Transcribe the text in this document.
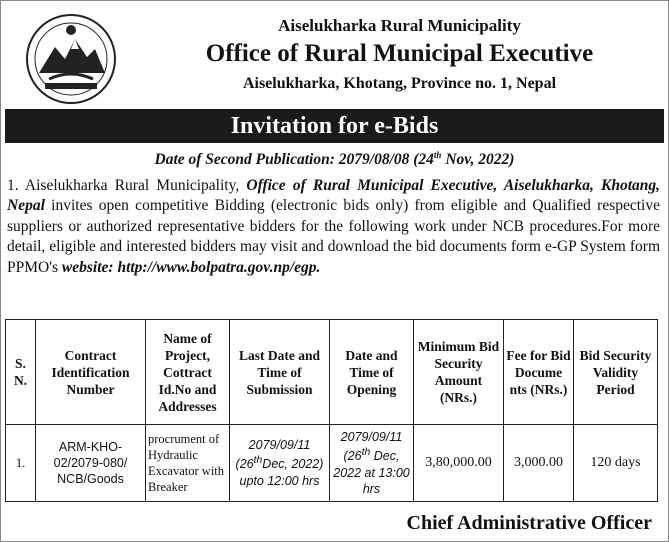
Aiselukharka Rural Municipality
Office of Rural Municipal Executive
Aiselukharka, Khotang, Province no. 1, Nepal
Invitation for e-Bids
Date of Second Publication: 2079/08/08 (24th Nov, 2022)
1. Aiselukharka Rural Municipality, Office of Rural Municipal Executive, Aiselukharka, Khotang, Nepal invites open competitive Bidding (electronic bids only) from eligible and Qualified respective suppliers or authorized representative bidders for the following work under NCB procedures.For more detail, eligible and interested bidders may visit and download the bid documents form e-GP System form PPMO's website: http://www.bolpatra.gov.np/egp.
S. N.	Contract Identification Number	Name of Project, Cottract Id.No and Addresses	Last Date and Time of Submission	Date and Time of Opening	Minimum Bid Security Amount (NRs.)	Fee for Bid Docume nts (NRs.)	Bid Security Validity Period
1.	ARM-KHO-02/2079-080/ NCB/Goods	procrument of Hydraulic Excavator with Breaker	2079/09/11 (26thDec, 2022) upto 12:00 hrs	2079/09/11 (26th Dec, 2022 at 13:00 hrs	3,80,000.00	3,000.00	120 days
Chief Administrative Officer
